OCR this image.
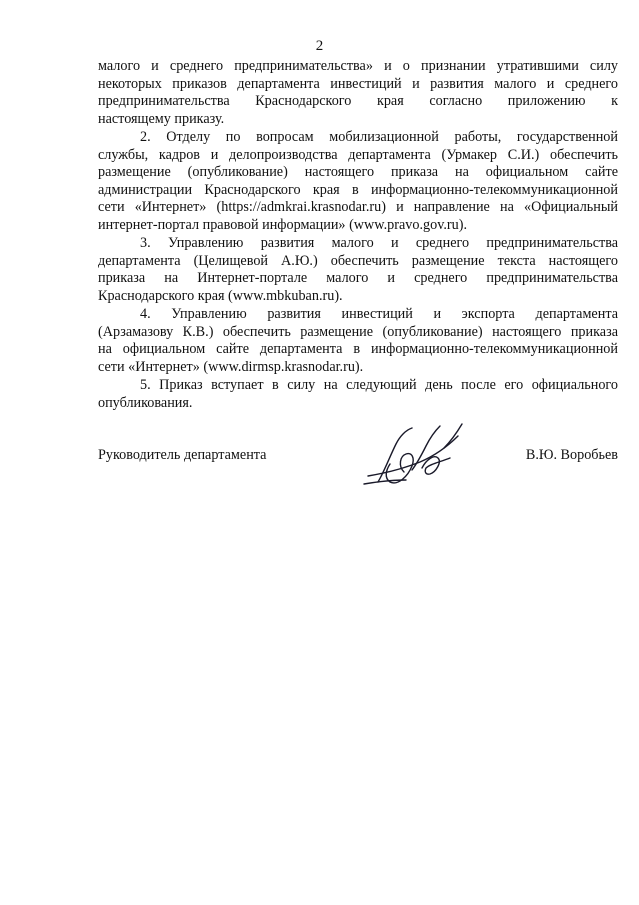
2

малого и среднего предпринимательства» и о признании утратившими силу
некоторых приказов департамента инвестиций и развития малого и среднего
предпринимательства Краснодарского края согласно приложению к
настоящему приказу.

2. Отделу по вопросам мобилизационной работы, государственной
службы, кадров и делопроизводства департамента (Урмакер С.И.) обеспечить
размещение (опубликование) настоящего приказа на официальном сайте
администрации Краснодарского края в информационно-телекоммуникационной
сети «Интернет» (https://admkrai.krasnodar.ru) и направление на «Официальный
интернет-портал правовой информации» (www.pravo.gov.ru).

3. Управлению развития малого и среднего предпринимательства
департамента (Целищевой А.Ю.) обеспечить размещение текста настоящего
приказа на Интернет-портале малого и среднего предпринимательства
Краснодарского края (www.mbkuban.ru).

4. Управлению развития инвестиций и экспорта департамента
(Арзамазову К.В.) обеспечить размещение (опубликование) настоящего приказа
на официальном сайте департамента в информационно-телекоммуникационной
сети «Интернет» (www.dirmsp.krasnodar.ru).

5. Приказ вступает в силу на следующий день после его официального
опубликования.

Руководитель департамента	В.Ю. Воробьев
